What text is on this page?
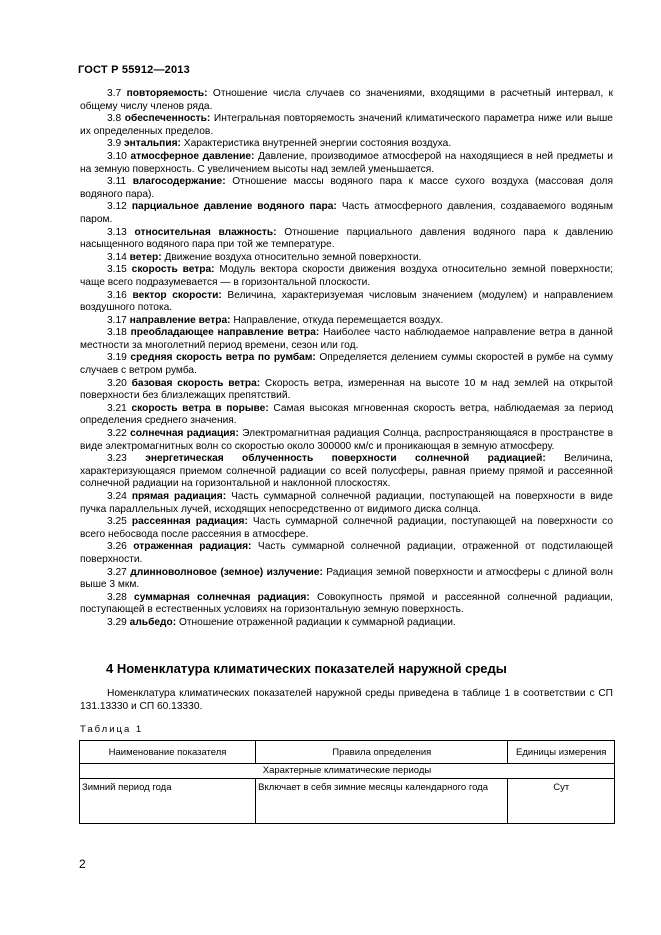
ГОСТ Р 55912—2013

3.7 повторяемость: Отношение числа случаев со значениями, входящими в расчетный интервал, к общему числу членов ряда.

3.8 обеспеченность: Интегральная повторяемость значений климатического параметра ниже или выше их определенных пределов.

3.9 энтальпия: Характеристика внутренней энергии состояния воздуха.

3.10 атмосферное давление: Давление, производимое атмосферой на находящиеся в ней предметы и на земную поверхность. С увеличением высоты над землей уменьшается.

3.11 влагосодержание: Отношение массы водяного пара к массе сухого воздуха (массовая доля водяного пара).

3.12 парциальное давление водяного пара: Часть атмосферного давления, создаваемого водяным паром.

3.13 относительная влажность: Отношение парциального давления водяного пара к давлению насыщенного водяного пара при той же температуре.

3.14 ветер: Движение воздуха относительно земной поверхности.

3.15 скорость ветра: Модуль вектора скорости движения воздуха относительно земной поверхности; чаще всего подразумевается — в горизонтальной плоскости.

3.16 вектор скорости: Величина, характеризуемая числовым значением (модулем) и направлением воздушного потока.

3.17 направление ветра: Направление, откуда перемещается воздух.

3.18 преобладающее направление ветра: Наиболее часто наблюдаемое направление ветра в данной местности за многолетний период времени, сезон или год.

3.19 средняя скорость ветра по румбам: Определяется делением суммы скоростей в румбе на сумму случаев с ветром румба.

3.20 базовая скорость ветра: Скорость ветра, измеренная на высоте 10 м над землей на открытой поверхности без близлежащих препятствий.

3.21 скорость ветра в порыве: Самая высокая мгновенная скорость ветра, наблюдаемая за период определения среднего значения.

3.22 солнечная радиация: Электромагнитная радиация Солнца, распространяющаяся в пространстве в виде электромагнитных волн со скоростью около 300000 км/с и проникающая в земную атмосферу.

3.23 энергетическая облученность поверхности солнечной радиацией: Величина, характеризующаяся приемом солнечной радиации со всей полусферы, равная приему прямой и рассеянной солнечной радиации на горизонтальной и наклонной плоскостях.

3.24 прямая радиация: Часть суммарной солнечной радиации, поступающей на поверхности в виде пучка параллельных лучей, исходящих непосредственно от видимого диска солнца.

3.25 рассеянная радиация: Часть суммарной солнечной радиации, поступающей на поверхности со всего небосвода после рассеяния в атмосфере.

3.26 отраженная радиация: Часть суммарной солнечной радиации, отраженной от подстилающей поверхности.

3.27 длинноволновое (земное) излучение: Радиация земной поверхности и атмосферы с длиной волн выше 3 мкм.

3.28 суммарная солнечная радиация: Совокупность прямой и рассеянной солнечной радиации, поступающей в естественных условиях на горизонтальную земную поверхность.

3.29 альбедо: Отношение отраженной радиации к суммарной радиации.

4 Номенклатура климатических показателей наружной среды

Номенклатура климатических показателей наружной среды приведена в таблице 1 в соответствии с СП 131.13330 и СП 60.13330.

Таблица 1
Наименование показателя	Правила определения	Единицы измерения
Характерные климатические периоды		
Зимний период года	Включает в себя зимние месяцы календарного года	Сут
2
